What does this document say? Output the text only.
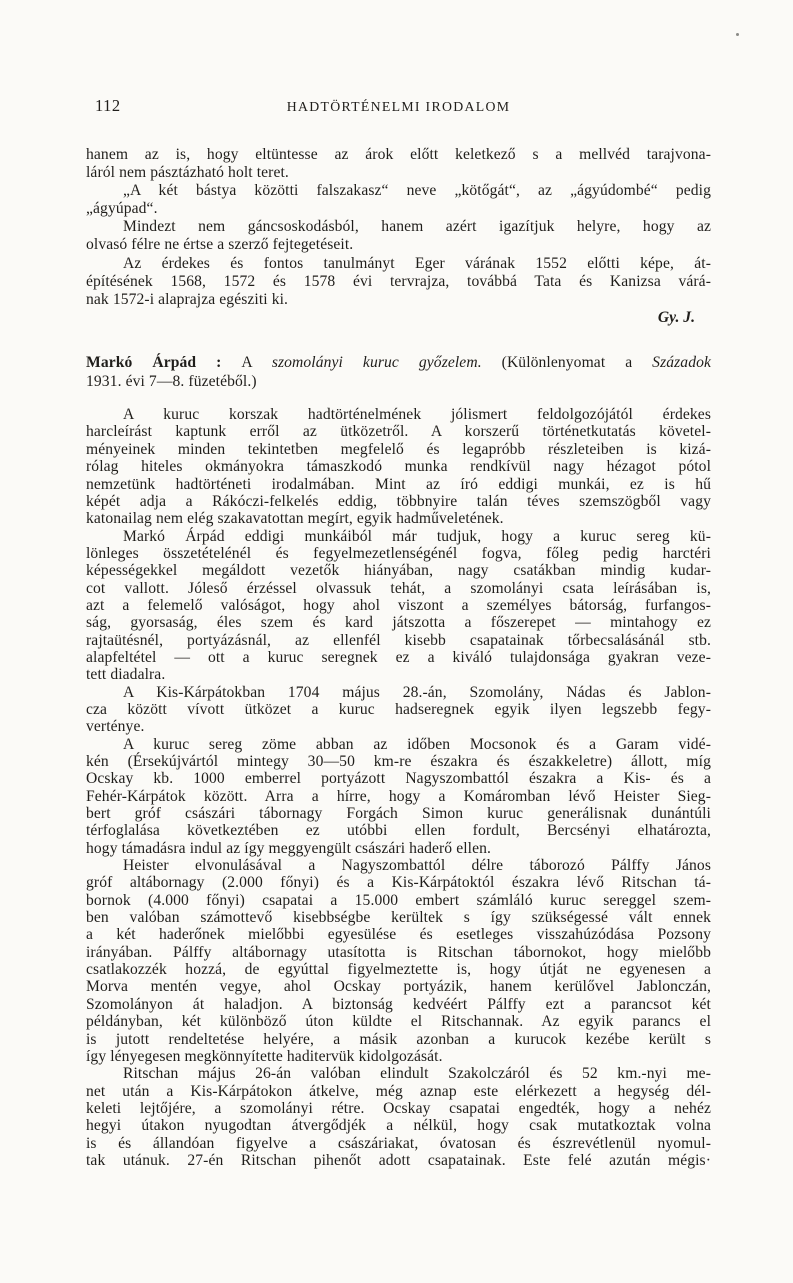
112	HADTÖRTÉNELMI IRODALOM
hanem az is, hogy eltüntesse az árok előtt keletkező s a mellvéd tarajvona-
láról nem pásztázható holt teret.
„A két bástya közötti falszakasz“ neve „kötőgát“, az „ágyúdombé“ pedig
„ágyúpad“.
Mindezt nem gáncsoskodásból, hanem azért igazítjuk helyre, hogy az
olvasó félre ne értse a szerző fejtegetéseit.
Az érdekes és fontos tanulmányt Eger várának 1552 előtti képe, át-
építésének 1568, 1572 és 1578 évi tervrajza, továbbá Tata és Kanizsa várá-
nak 1572-i alaprajza egésziti ki.
Gy. J.
Markó Árpád : A szomolányi kuruc győzelem. (Különlenyomat a Századok
1931. évi 7—8. füzetéből.)
A kuruc korszak hadtörténelmének jólismert feldolgozójától érdekes
harcleírást kaptunk erről az ütközetről. A korszerű történetkutatás követel-
ményeinek minden tekintetben megfelelő és legapróbb részleteiben is kizá-
rólag hiteles okmányokra támaszkodó munka rendkívül nagy hézagot pótol
nemzetünk hadtörténeti irodalmában. Mint az író eddigi munkái, ez is hű
képét adja a Rákóczi-felkelés eddig, többnyire talán téves szemszögből vagy
katonailag nem elég szakavatottan megírt, egyik hadműveletének.
Markó Árpád eddigi munkáiból már tudjuk, hogy a kuruc sereg kü-
lönleges összetételénél és fegyelmezetlenségénél fogva, főleg pedig harctéri
képességekkel megáldott vezetők hiányában, nagy csatákban mindig kudar-
cot vallott. Jóleső érzéssel olvassuk tehát, a szomolányi csata leírásában is,
azt a felemelő valóságot, hogy ahol viszont a személyes bátorság, furfangos-
ság, gyorsaság, éles szem és kard játszotta a főszerepet — mintahogy ez
rajtaütésnél, portyázásnál, az ellenfél kisebb csapatainak tőrbecsalásánál stb.
alapfeltétel — ott a kuruc seregnek ez a kiváló tulajdonsága gyakran veze-
tett diadalra.
A Kis-Kárpátokban 1704 május 28.-án, Szomolány, Nádas és Jablon-
cza között vívott ütközet a kuruc hadseregnek egyik ilyen legszebb fegy-
verténye.
A kuruc sereg zöme abban az időben Mocsonok és a Garam vidé-
kén (Érsekújvártól mintegy 30—50 km-re északra és északkeletre) állott, míg
Ocskay kb. 1000 emberrel portyázott Nagyszombattól északra a Kis- és a
Fehér-Kárpátok között. Arra a hírre, hogy a Komáromban lévő Heister Sieg-
bert gróf császári tábornagy Forgách Simon kuruc generálisnak dunántúli
térfoglalása következtében ez utóbbi ellen fordult, Bercsényi elhatározta,
hogy támadásra indul az így meggyengült császári haderő ellen.
Heister elvonulásával a Nagyszombattól délre táborozó Pálffy János
gróf altábornagy (2.000 főnyi) és a Kis-Kárpátoktól északra lévő Ritschan tá-
bornok (4.000 főnyi) csapatai a 15.000 embert számláló kuruc sereggel szem-
ben valóban számottevő kisebbségbe kerültek s így szükségessé vált ennek
a két haderőnek mielőbbi egyesülése és esetleges visszahúzódása Pozsony
irányában. Pálffy altábornagy utasította is Ritschan tábornokot, hogy mielőbb
csatlakozzék hozzá, de egyúttal figyelmeztette is, hogy útját ne egyenesen a
Morva mentén vegye, ahol Ocskay portyázik, hanem kerülővel Jablonczán,
Szomolányon át haladjon. A biztonság kedvéért Pálffy ezt a parancsot két
példányban, két különböző úton küldte el Ritschannak. Az egyik parancs el
is jutott rendeltetése helyére, a másik azonban a kurucok kezébe került s
így lényegesen megkönnyítette haditervük kidolgozását.
Ritschan május 26-án valóban elindult Szakolczáról és 52 km.-nyi me-
net után a Kis-Kárpátokon átkelve, még aznap este elérkezett a hegység dél-
keleti lejtőjére, a szomolányi rétre. Ocskay csapatai engedték, hogy a nehéz
hegyi útakon nyugodtan átvergődjék a nélkül, hogy csak mutatkoztak volna
is és állandóan figyelve a császáriakat, óvatosan és észrevétlenül nyomul-
tak utánuk. 27-én Ritschan pihenőt adott csapatainak. Este felé azután mégis·
